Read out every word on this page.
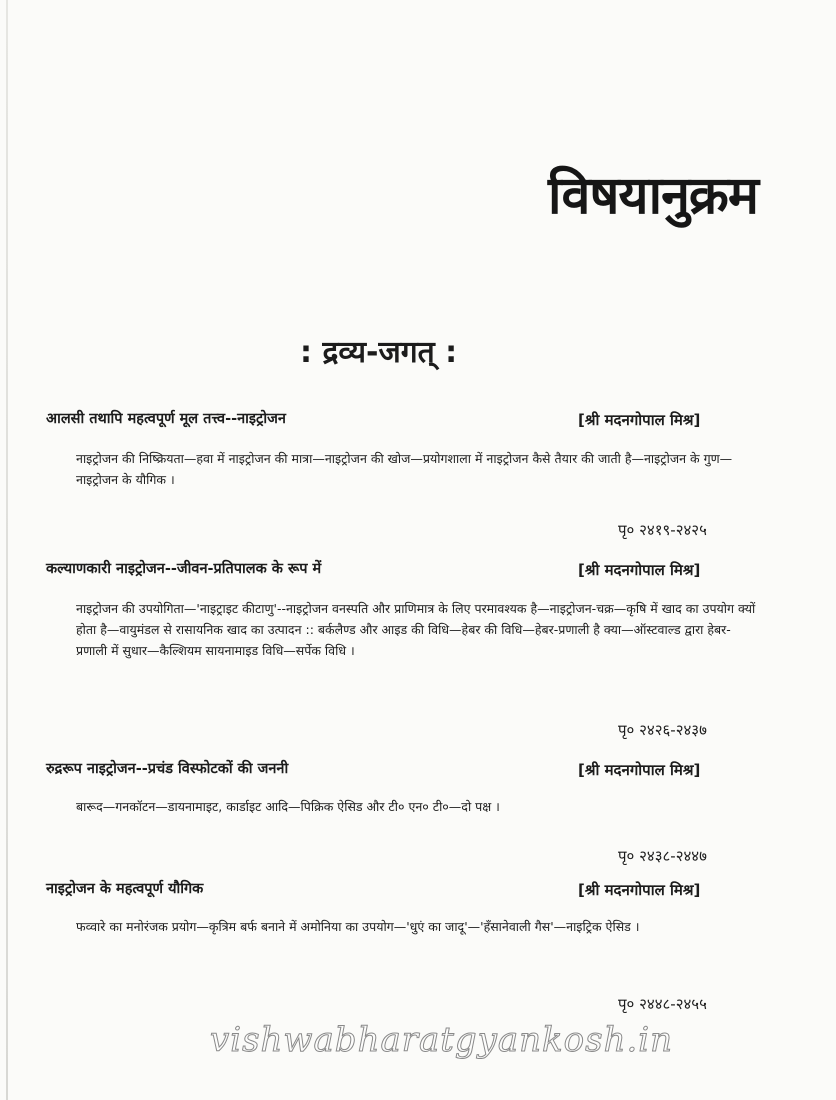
विषयानुक्रम
: द्रव्य-जगत् :
आलसी तथापि महत्वपूर्ण मूल तत्त्व--नाइट्रोजन	[श्री मदनगोपाल मिश्र]
नाइट्रोजन की निष्क्रियता—हवा में नाइट्रोजन की मात्रा—नाइट्रोजन की खोज—प्रयोगशाला में नाइट्रोजन कैसे तैयार की जाती है—नाइट्रोजन के गुण—नाइट्रोजन के यौगिक ।
पृ० २४१९-२४२५
कल्याणकारी नाइट्रोजन--जीवन-प्रतिपालक के रूप में	[श्री मदनगोपाल मिश्र]
नाइट्रोजन की उपयोगिता—'नाइट्राइट कीटाणु'--नाइट्रोजन वनस्पति और प्राणिमात्र के लिए परमावश्यक है—नाइट्रोजन-चक्र—कृषि में खाद का उपयोग क्यों होता है—वायुमंडल से रासायनिक खाद का उत्पादन :: बर्कलैण्ड और आइड की विधि—हेबर की विधि—हेबर-प्रणाली है क्या—ऑस्टवाल्ड द्वारा हेबर-प्रणाली में सुधार—कैल्शियम सायनामाइड विधि—सर्पेक विधि ।
पृ० २४२६-२४३७
रुद्ररूप नाइट्रोजन--प्रचंड विस्फोटकों की जननी	[श्री मदनगोपाल मिश्र]
बारूद—गनकॉटन—डायनामाइट, कार्डाइट आदि—पिक्रिक ऐसिड और टी० एन० टी०—दो पक्ष ।
पृ० २४३८-२४४७
नाइट्रोजन के महत्वपूर्ण यौगिक	[श्री मदनगोपाल मिश्र]
फव्वारे का मनोरंजक प्रयोग—कृत्रिम बर्फ बनाने में अमोनिया का उपयोग—'धुएं का जादू'—'हँसानेवाली गैस'—नाइट्रिक ऐसिड ।
पृ० २४४८-२४५५
vishwabharatgyankosh.in
